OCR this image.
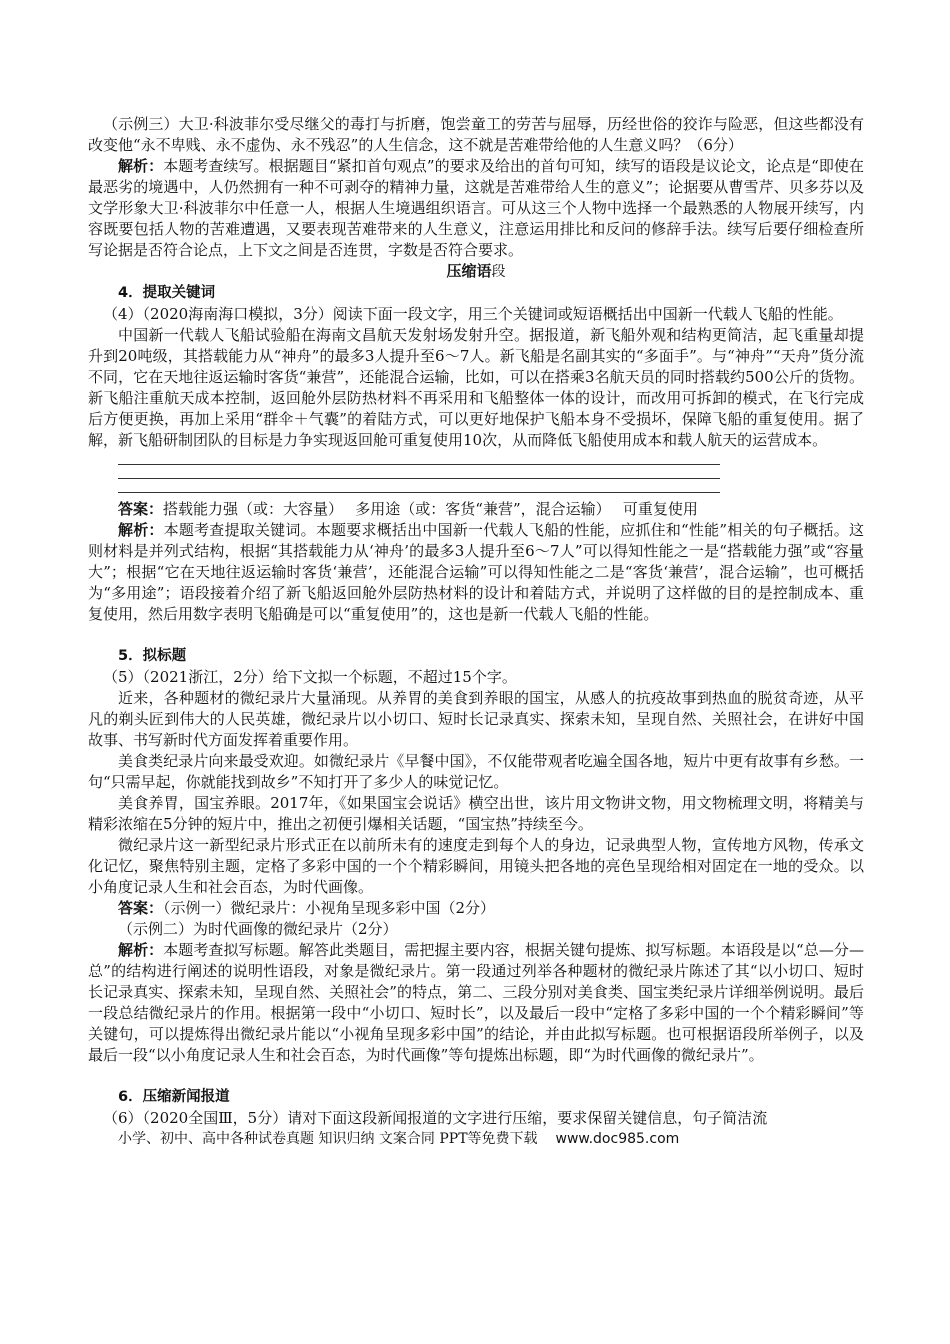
（示例三）大卫·科波菲尔受尽继父的毒打与折磨，饱尝童工的劳苦与屈辱，历经世俗的狡诈与险恶，但这些都没有改变他“永不卑贱、永不虚伪、永不残忍”的人生信念，这不就是苦难带给他的人生意义吗？（6分）

解析：本题考查续写。根据题目“紧扣首句观点”的要求及给出的首句可知，续写的语段是议论文，论点是“即使在最恶劣的境遇中，人仍然拥有一种不可剥夺的精神力量，这就是苦难带给人生的意义”；论据要从曹雪芹、贝多芬以及文学形象大卫·科波菲尔中任意一人，根据人生境遇组织语言。可从这三个人物中选择一个最熟悉的人物展开续写，内容既要包括人物的苦难遭遇，又要表现苦难带来的人生意义，注意运用排比和反问的修辞手法。续写后要仔细检查所写论据是否符合论点，上下文之间是否连贯，字数是否符合要求。

压缩语段

4．提取关键词

（4）（2020海南海口模拟，3分）阅读下面一段文字，用三个关键词或短语概括出中国新一代载人飞船的性能。

中国新一代载人飞船试验船在海南文昌航天发射场发射升空。据报道，新飞船外观和结构更简洁，起飞重量却提升到20吨级，其搭载能力从“神舟”的最多3人提升至6～7人。新飞船是名副其实的“多面手”。与“神舟”“天舟”货分流不同，它在天地往返运输时客货“兼营”，还能混合运输，比如，可以在搭乘3名航天员的同时搭载约500公斤的货物。新飞船注重航天成本控制，返回舱外层防热材料不再采用和飞船整体一体的设计，而改用可拆卸的模式，在飞行完成后方便更换，再加上采用“群伞＋气囊”的着陆方式，可以更好地保护飞船本身不受损坏，保障飞船的重复使用。据了解，新飞船研制团队的目标是力争实现返回舱可重复使用10次，从而降低飞船使用成本和载人航天的运营成本。

答案：搭载能力强（或：大容量）　 多用途（或：客货“兼营”，混合运输）　 可重复使用

解析：本题考查提取关键词。本题要求概括出中国新一代载人飞船的性能，应抓住和“性能”相关的句子概括。这则材料是并列式结构，根据“其搭载能力从‘神舟’的最多3人提升至6～7人”可以得知性能之一是“搭载能力强”或“容量大”；根据“它在天地往返运输时客货‘兼营’，还能混合运输”可以得知性能之二是“客货‘兼营’，混合运输”，也可概括为“多用途”；语段接着介绍了新飞船返回舱外层防热材料的设计和着陆方式，并说明了这样做的目的是控制成本、重复使用，然后用数字表明飞船确是可以“重复使用”的，这也是新一代载人飞船的性能。

5．拟标题

（5）（2021浙江，2分）给下文拟一个标题，不超过15个字。

近来，各种题材的微纪录片大量涌现。从养胃的美食到养眼的国宝，从感人的抗疫故事到热血的脱贫奇迹，从平凡的剃头匠到伟大的人民英雄，微纪录片以小切口、短时长记录真实、探索未知，呈现自然、关照社会，在讲好中国故事、书写新时代方面发挥着重要作用。

美食类纪录片向来最受欢迎。如微纪录片《早餐中国》，不仅能带观者吃遍全国各地，短片中更有故事有乡愁。一句“只需早起，你就能找到故乡”不知打开了多少人的味觉记忆。

美食养胃，国宝养眼。2017年，《如果国宝会说话》横空出世，该片用文物讲文物，用文物梳理文明，将精美与精彩浓缩在5分钟的短片中，推出之初便引爆相关话题，“国宝热”持续至今。

微纪录片这一新型纪录片形式正在以前所未有的速度走到每个人的身边，记录典型人物，宣传地方风物，传承文化记忆，聚焦特别主题，定格了多彩中国的一个个精彩瞬间，用镜头把各地的亮色呈现给相对固定在一地的受众。以小角度记录人生和社会百态，为时代画像。

答案：（示例一）微纪录片：小视角呈现多彩中国（2分）

（示例二）为时代画像的微纪录片（2分）

解析：本题考查拟写标题。解答此类题目，需把握主要内容，根据关键句提炼、拟写标题。本语段是以“总—分—总”的结构进行阐述的说明性语段，对象是微纪录片。第一段通过列举各种题材的微纪录片陈述了其“以小切口、短时长记录真实、探索未知，呈现自然、关照社会”的特点，第二、三段分别对美食类、国宝类纪录片详细举例说明。最后一段总结微纪录片的作用。根据第一段中“小切口、短时长”，以及最后一段中“定格了多彩中国的一个个精彩瞬间”等关键句，可以提炼得出微纪录片能以“小视角呈现多彩中国”的结论，并由此拟写标题。也可根据语段所举例子，以及最后一段“以小角度记录人生和社会百态，为时代画像”等句提炼出标题，即“为时代画像的微纪录片”。

6．压缩新闻报道

（6）（2020全国Ⅲ，5分）请对下面这段新闻报道的文字进行压缩，要求保留关键信息，句子简洁流

小学、初中、高中各种试卷真题 知识归纳 文案合同 PPT等免费下载 www.doc985.com
